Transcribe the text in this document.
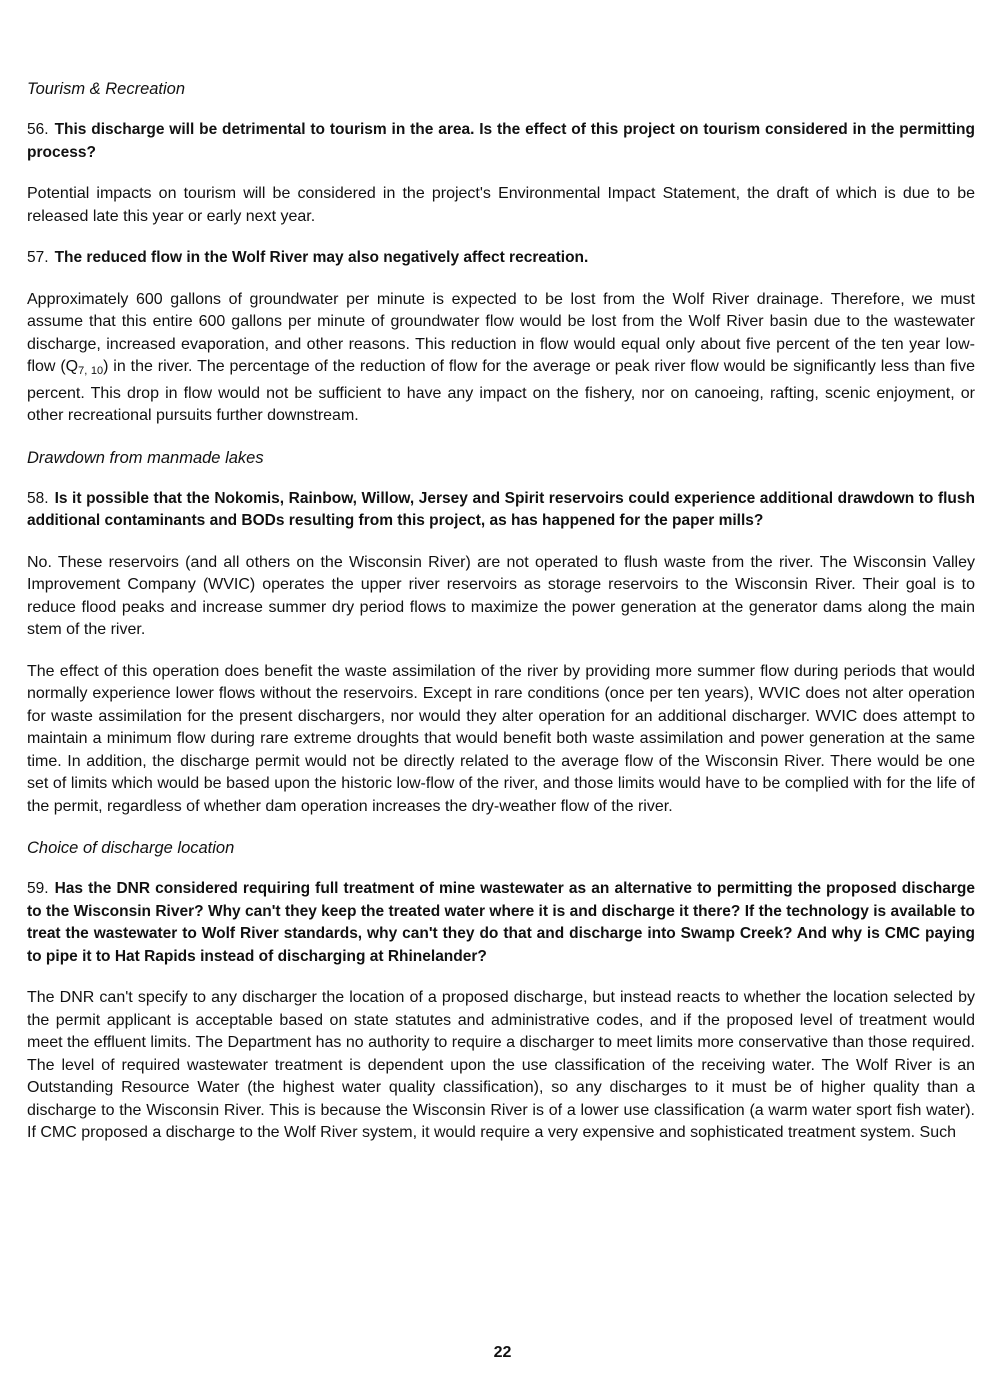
Tourism & Recreation
56. This discharge will be detrimental to tourism in the area. Is the effect of this project on tourism considered in the permitting process?
Potential impacts on tourism will be considered in the project's Environmental Impact Statement, the draft of which is due to be released late this year or early next year.
57. The reduced flow in the Wolf River may also negatively affect recreation.
Approximately 600 gallons of groundwater per minute is expected to be lost from the Wolf River drainage. Therefore, we must assume that this entire 600 gallons per minute of groundwater flow would be lost from the Wolf River basin due to the wastewater discharge, increased evaporation, and other reasons. This reduction in flow would equal only about five percent of the ten year low-flow $(Q_{7, 10})$ in the river. The percentage of the reduction of flow for the average or peak river flow would be significantly less than five percent. This drop in flow would not be sufficient to have any impact on the fishery, nor on canoeing, rafting, scenic enjoyment, or other recreational pursuits further downstream.
Drawdown from manmade lakes
58. Is it possible that the Nokomis, Rainbow, Willow, Jersey and Spirit reservoirs could experience additional drawdown to flush additional contaminants and BODs resulting from this project, as has happened for the paper mills?
No. These reservoirs (and all others on the Wisconsin River) are not operated to flush waste from the river. The Wisconsin Valley Improvement Company (WVIC) operates the upper river reservoirs as storage reservoirs to the Wisconsin River. Their goal is to reduce flood peaks and increase summer dry period flows to maximize the power generation at the generator dams along the main stem of the river.
The effect of this operation does benefit the waste assimilation of the river by providing more summer flow during periods that would normally experience lower flows without the reservoirs. Except in rare conditions (once per ten years), WVIC does not alter operation for waste assimilation for the present dischargers, nor would they alter operation for an additional discharger. WVIC does attempt to maintain a minimum flow during rare extreme droughts that would benefit both waste assimilation and power generation at the same time. In addition, the discharge permit would not be directly related to the average flow of the Wisconsin River. There would be one set of limits which would be based upon the historic low-flow of the river, and those limits would have to be complied with for the life of the permit, regardless of whether dam operation increases the dry-weather flow of the river.
Choice of discharge location
59. Has the DNR considered requiring full treatment of mine wastewater as an alternative to permitting the proposed discharge to the Wisconsin River? Why can't they keep the treated water where it is and discharge it there? If the technology is available to treat the wastewater to Wolf River standards, why can't they do that and discharge into Swamp Creek? And why is CMC paying to pipe it to Hat Rapids instead of discharging at Rhinelander?
The DNR can't specify to any discharger the location of a proposed discharge, but instead reacts to whether the location selected by the permit applicant is acceptable based on state statutes and administrative codes, and if the proposed level of treatment would meet the effluent limits. The Department has no authority to require a discharger to meet limits more conservative than those required. The level of required wastewater treatment is dependent upon the use classification of the receiving water. The Wolf River is an Outstanding Resource Water (the highest water quality classification), so any discharges to it must be of higher quality than a discharge to the Wisconsin River. This is because the Wisconsin River is of a lower use classification (a warm water sport fish water). If CMC proposed a discharge to the Wolf River system, it would require a very expensive and sophisticated treatment system. Such
22
